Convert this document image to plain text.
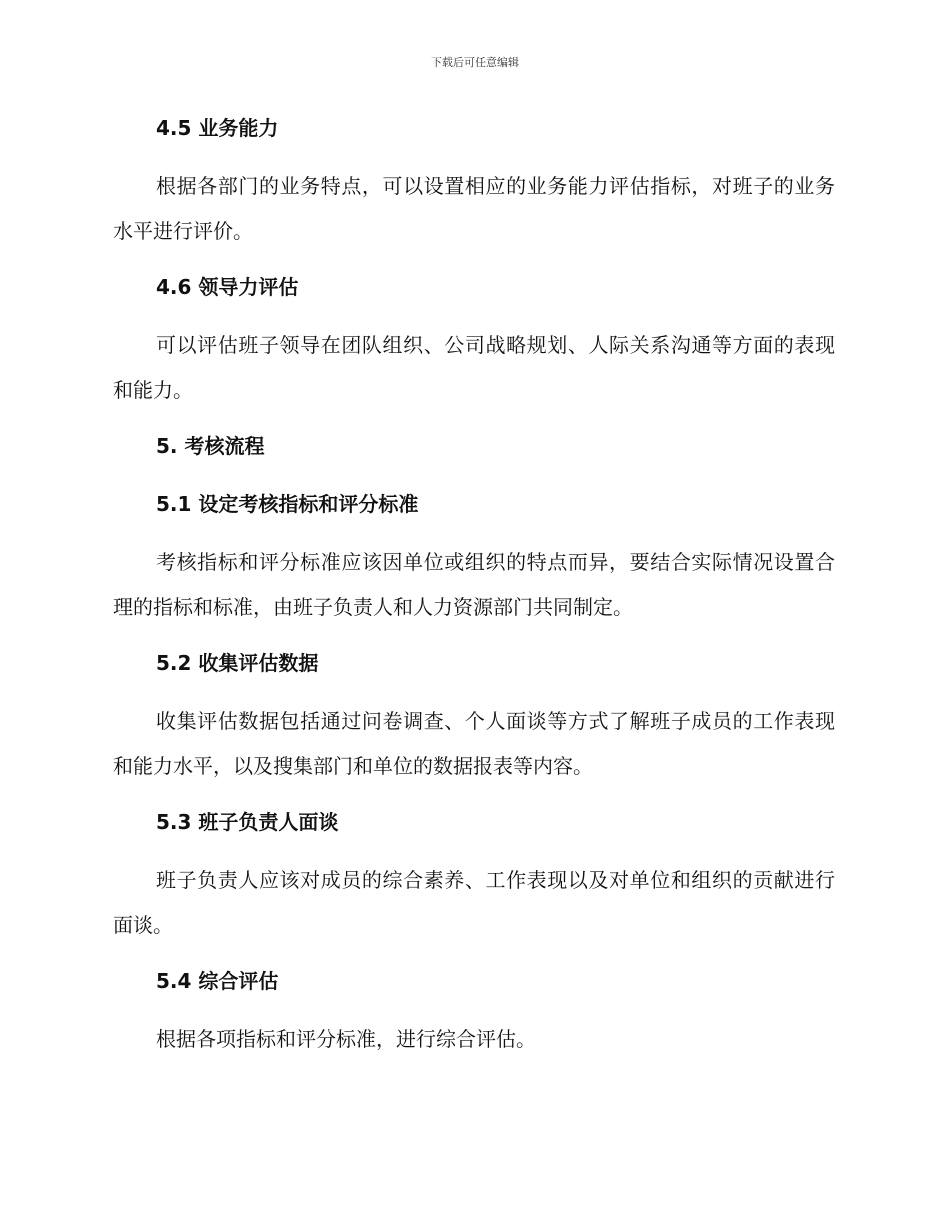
下载后可任意编辑
4.5 业务能力

根据各部门的业务特点，可以设置相应的业务能力评估指标，对班子的业务水平进行评价。

4.6 领导力评估

可以评估班子领导在团队组织、公司战略规划、人际关系沟通等方面的表现和能力。

5. 考核流程
5.1 设定考核指标和评分标准

考核指标和评分标准应该因单位或组织的特点而异，要结合实际情况设置合理的指标和标准，由班子负责人和人力资源部门共同制定。

5.2 收集评估数据

收集评估数据包括通过问卷调查、个人面谈等方式了解班子成员的工作表现和能力水平，以及搜集部门和单位的数据报表等内容。

5.3 班子负责人面谈

班子负责人应该对成员的综合素养、工作表现以及对单位和组织的贡献进行面谈。

5.4 综合评估

根据各项指标和评分标准，进行综合评估。
